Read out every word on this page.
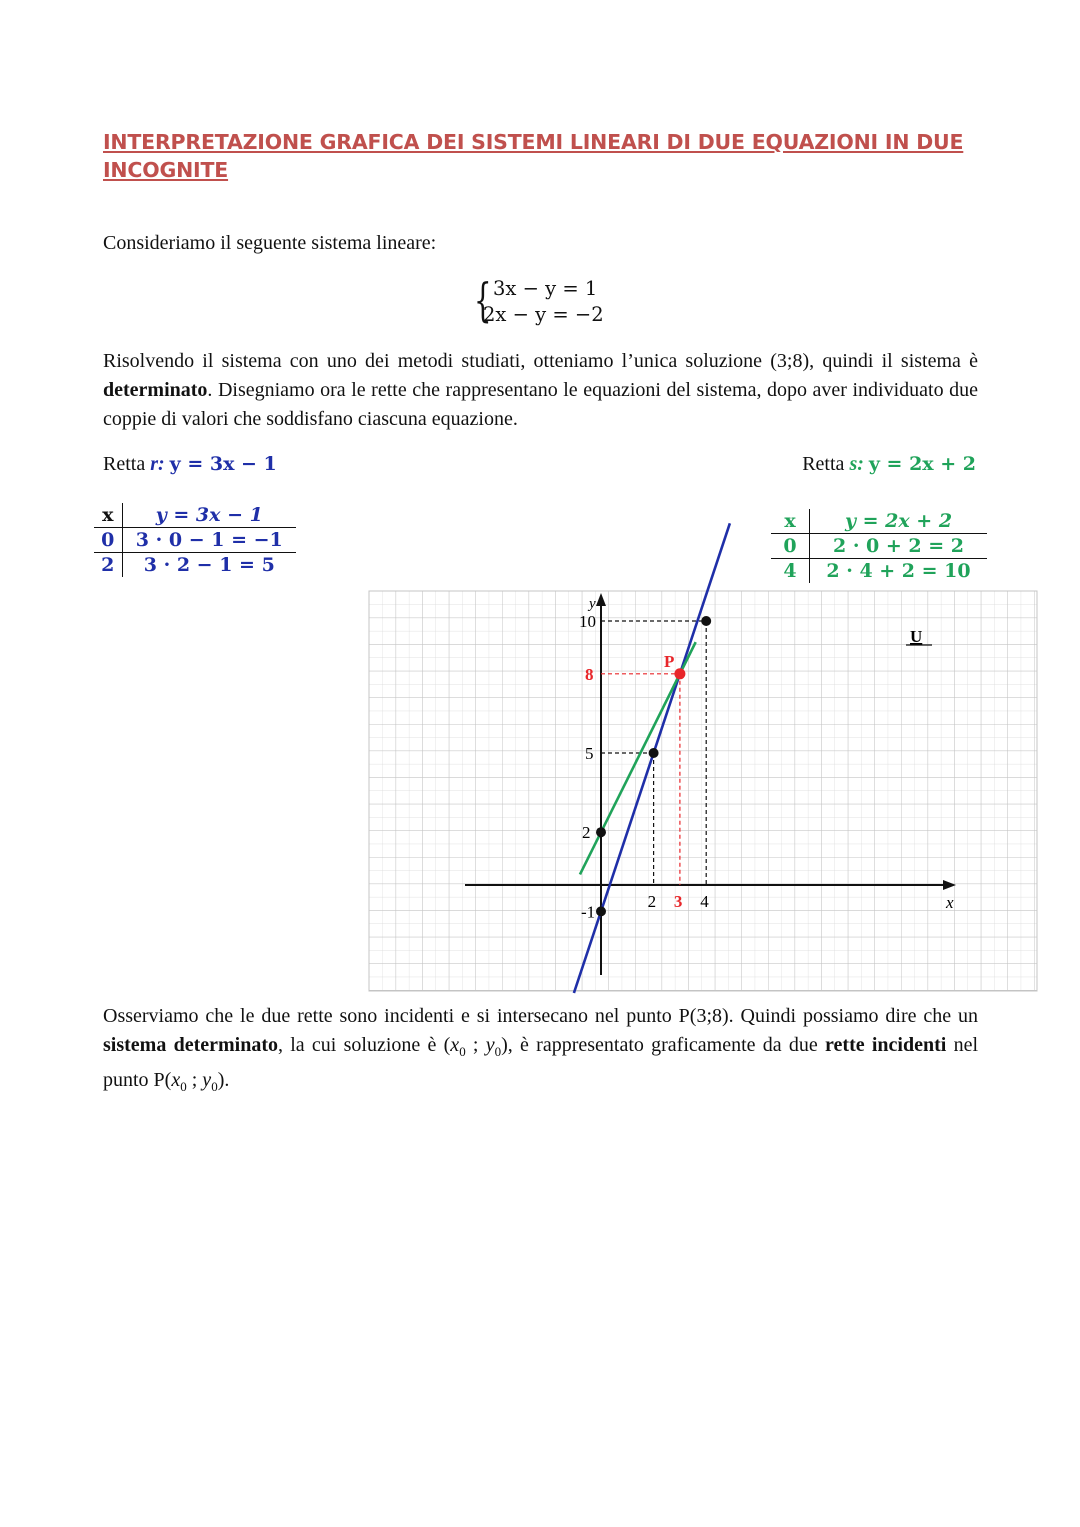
INTERPRETAZIONE GRAFICA DEI SISTEMI LINEARI DI DUE EQUAZIONI IN DUE
INCOGNITE
Consideriamo il seguente sistema lineare:
{ 3x − y = 1
2x − y = −2
Risolvendo il sistema con uno dei metodi studiati, otteniamo l’unica soluzione (3;8), quindi il sistema è determinato. Disegniamo ora le rette che rappresentano le equazioni del sistema, dopo aver individuato due coppie di valori che soddisfano ciascuna equazione.
Retta r: y = 3x − 1	Retta s: y = 2x + 2
x	y = 3x − 1
0	3 · 0 − 1 = −1
2	3 · 2 − 1 = 5
x	y = 2x + 2
0	2 · 0 + 2 = 2
4	2 · 4 + 2 = 10
10
8
5
2
-1
2 3 4	x
y
P
U
Osserviamo che le due rette sono incidenti e si intersecano nel punto P(3;8). Quindi possiamo dire che un sistema determinato, la cui soluzione è ($x_0$ ; $y_0$), è rappresentato graficamente da due rette incidenti nel punto $P(x_0$ ; $y_0$).
